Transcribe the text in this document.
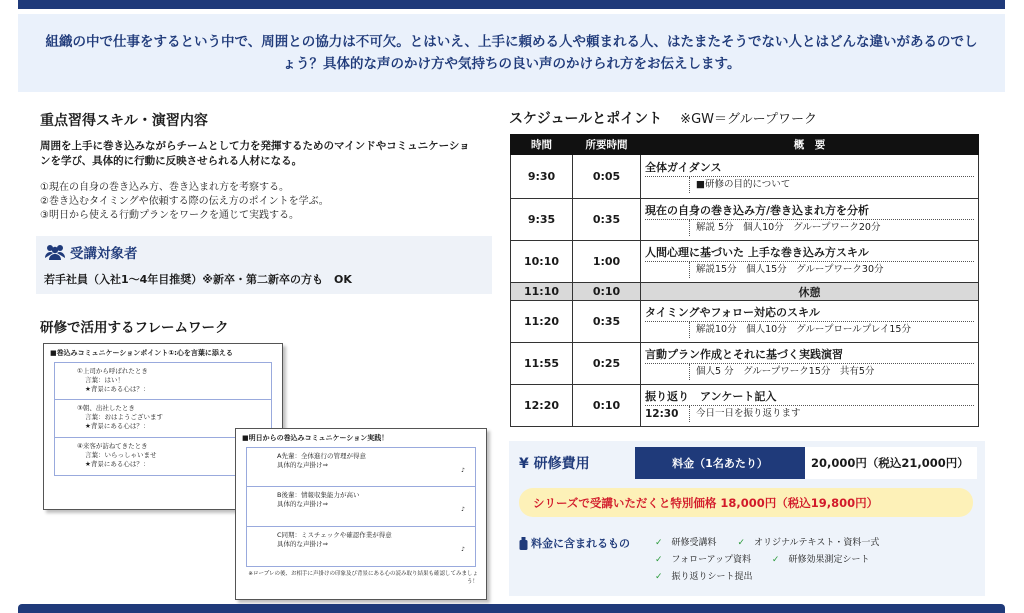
組織の中で仕事をするという中で、周囲との協力は不可欠。とはいえ、上手に頼める人や頼まれる人、はたまたそうでない人とはどんな違いがあるのでしょう？具体的な声のかけ方や気持ちの良い声のかけられ方をお伝えします。

重点習得スキル・演習内容
周囲を上手に巻き込みながらチームとして力を発揮するためのマインドやコミュニケーションを学び、具体的に行動に反映させられる人材になる。
①現在の自身の巻き込み方、巻き込まれ方を考察する。
②巻き込むタイミングや依頼する際の伝え方のポイントを学ぶ。
③明日から使える行動プランをワークを通じて実践する。
受講対象者
若手社員（入社1〜4年目推奨）※新卒・第二新卒の方も　OK
研修で活用するフレームワーク
■巻込みコミュニケーションポイント①:心を言葉に添える
①上司から呼ばれたとき
言葉：はい！
★背景にある心は？：
③朝、出社したとき
言葉：おはようございます
★背景にある心は？：
④来客が訪ねてきたとき
言葉：いらっしゃいませ
★背景にある心は？：
■明日からの巻込みコミュニケーション実践！
A先輩：全体進行の管理が得意
具体的な声掛け⇒
♪
B後輩：情報収集能力が高い
具体的な声掛け⇒
♪
C同期：ミスチェックや確認作業が得意
具体的な声掛け⇒
♪
※ロープレの後、お相手に声掛けの印象及び背景にある心の読み取り結果も確認してみましょう！
スケジュールとポイント ※GW＝グループワーク
時間	所要時間	概　要
9:30	0:05	全体ガイダンス
■研修の目的について

9:35	0:35	現在の自身の巻き込み方/巻き込まれ方を分析
解説 5分　個人10分　グループワーク20分

10:10	1:00	人間心理に基づいた 上手な巻き込み方スキル
解説15分　個人15分　グループワーク30分

11:10	0:10	休憩
11:20	0:35	タイミングやフォロー対応のスキル
解説10分　個人10分　グループロールプレイ15分

11:55	0:25	言動プラン作成とそれに基づく実践演習
個人5 分　グループワーク15分　共有5分

12:20	0:10	振り返り　アンケート記入
12:30 今日一日を振り返ります
¥ 研修費用	料金（1名あたり）	20,000円（税込21,000円）
シリーズで受講いただくと特別価格 18,000円（税込19,800円）
料金に含まれるもの	✓ 研修受講料 ✓ オリジナルテキスト・資料一式 ✓ フォローアップ資料 ✓ 研修効果測定シート ✓ 振り返りシート提出
